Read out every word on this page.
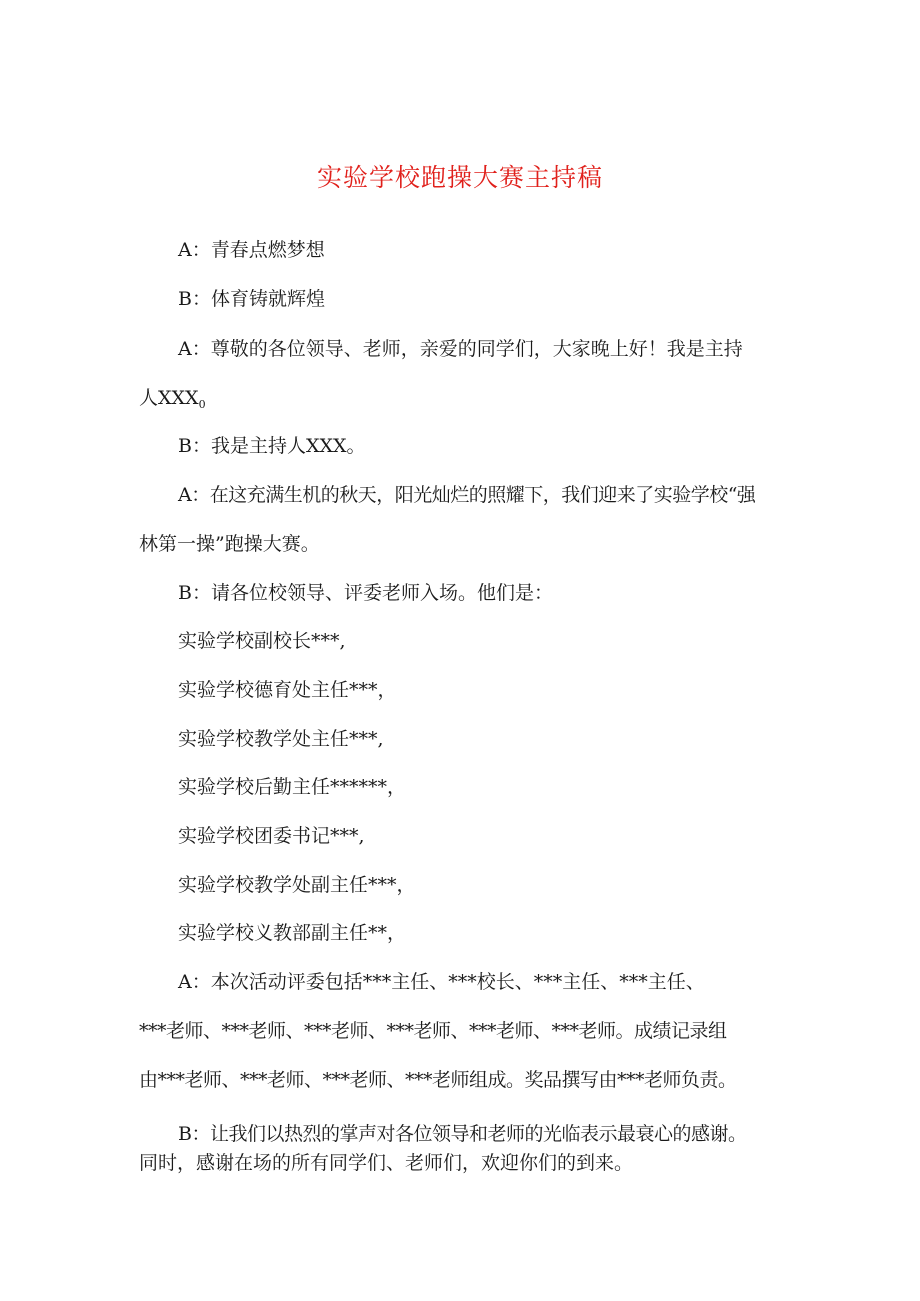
实验学校跑操大赛主持稿

A：青春点燃梦想

B：体育铸就辉煌

A：尊敬的各位领导、老师，亲爱的同学们，大家晚上好！我是主持

人$XXX_0$

B：我是主持人XXX。

A：在这充满生机的秋天，阳光灿烂的照耀下，我们迎来了实验学校“强

林第一操”跑操大赛。

B：请各位校领导、评委老师入场。他们是：

实验学校副校长***,

实验学校德育处主任***，

实验学校教学处主任***,

实验学校后勤主任******，

实验学校团委书记***,

实验学校教学处副主任***，

实验学校义教部副主任**，

A：本次活动评委包括***主任、***校长、***主任、***主任、

***老师、***老师、***老师、***老师、***老师、***老师。成绩记录组

由***老师、***老师、***老师、***老师组成。奖品撰写由***老师负责。

B：让我们以热烈的掌声对各位领导和老师的光临表示最衰心的感谢。

同时，感谢在场的所有同学们、老师们，欢迎你们的到来。
